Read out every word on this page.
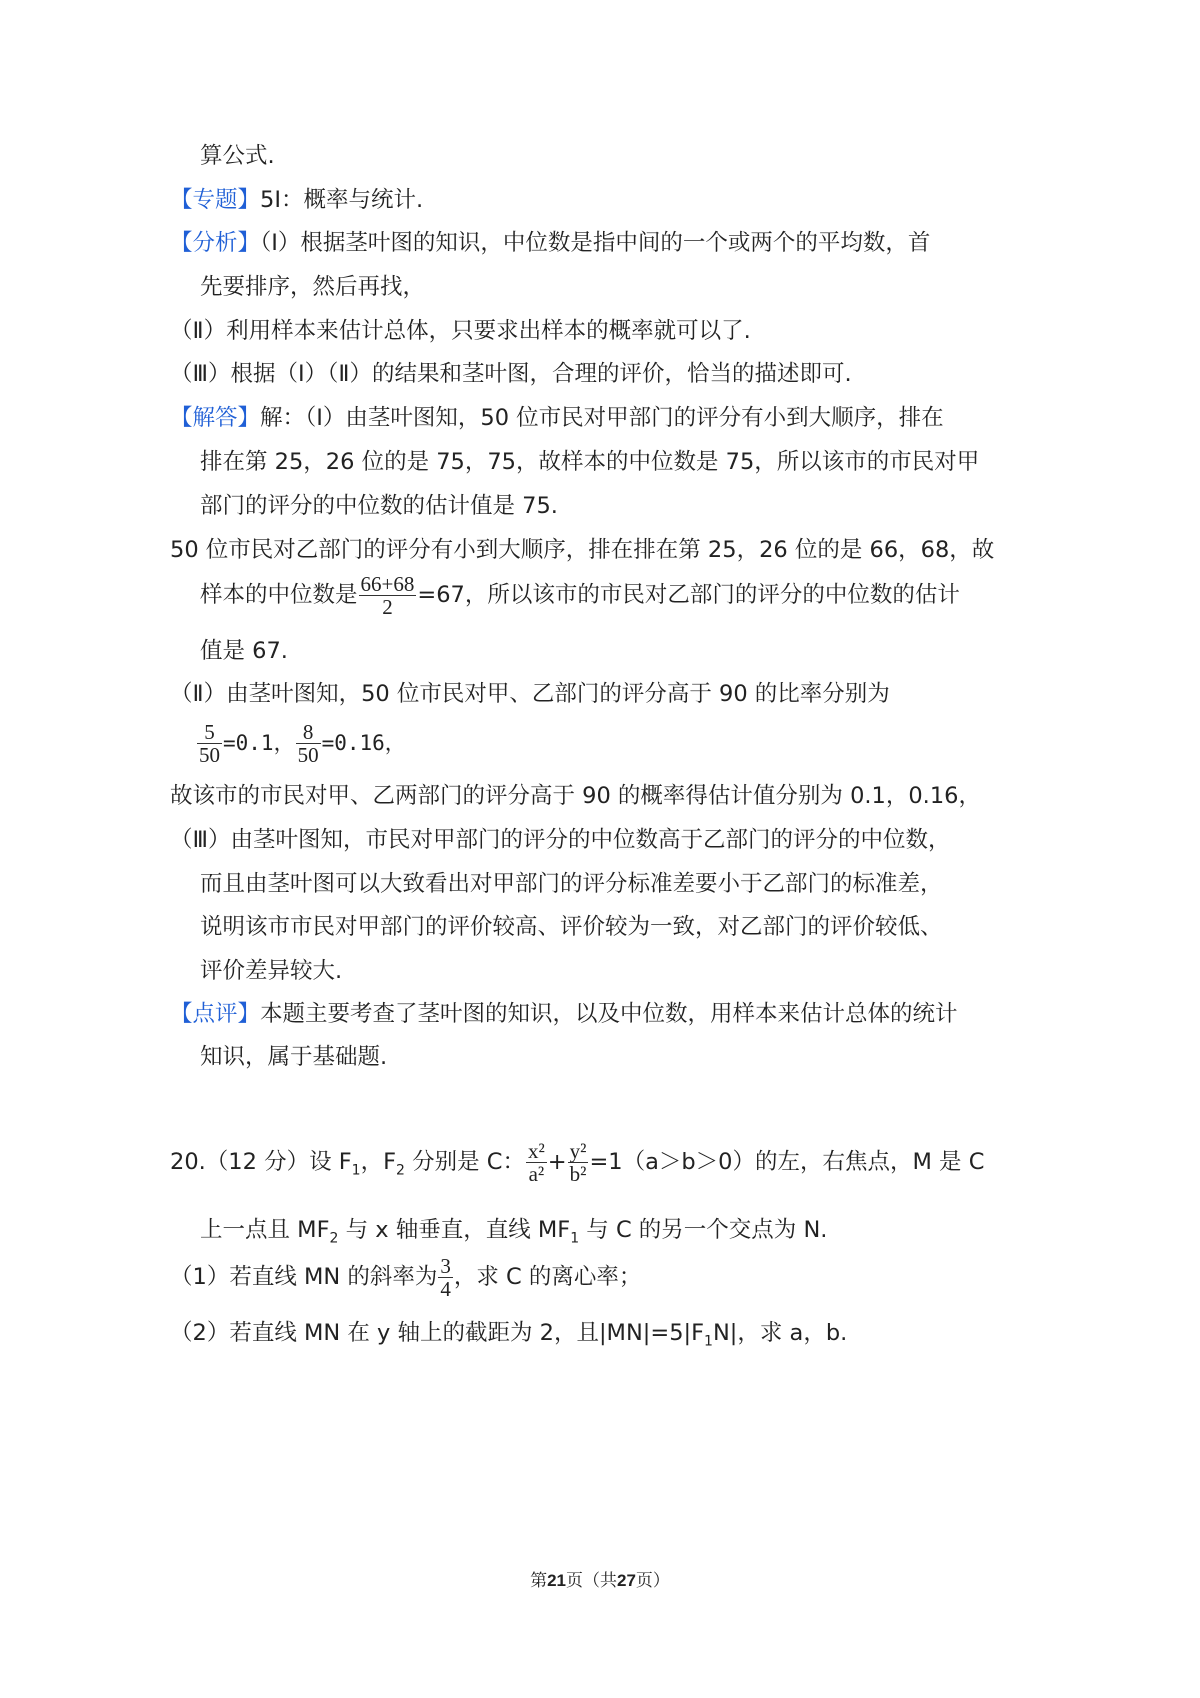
算公式.
【专题】5I：概率与统计.
【分析】（Ⅰ）根据茎叶图的知识，中位数是指中间的一个或两个的平均数，首
先要排序，然后再找，
（Ⅱ）利用样本来估计总体，只要求出样本的概率就可以了.
（Ⅲ）根据（Ⅰ）（Ⅱ）的结果和茎叶图，合理的评价，恰当的描述即可.
【解答】解：（Ⅰ）由茎叶图知，50 位市民对甲部门的评分有小到大顺序，排在
排在第 25，26 位的是 75，75，故样本的中位数是 75，所以该市的市民对甲
部门的评分的中位数的估计值是 75.
50 位市民对乙部门的评分有小到大顺序，排在排在第 25，26 位的是 66，68，故
样本的中位数是 $\frac{66+68}{2} =67$，所以该市的市民对乙部门的评分的中位数的估计
值是 67.
（Ⅱ）由茎叶图知，50 位市民对甲、乙部门的评分高于 90 的比率分别为
$\frac{5}{50} =0.1$， $\frac{8}{50} =0.16$，
故该市的市民对甲、乙两部门的评分高于 90 的概率得估计值分别为 0.1，0.16，
（Ⅲ）由茎叶图知，市民对甲部门的评分的中位数高于乙部门的评分的中位数，
而且由茎叶图可以大致看出对甲部门的评分标准差要小于乙部门的标准差，
说明该市市民对甲部门的评价较高、评价较为一致，对乙部门的评价较低、
评价差异较大.
【点评】本题主要考查了茎叶图的知识，以及中位数，用样本来估计总体的统计
知识，属于基础题.
20.（12 分）设 $F_1$，$F_2$ 分别是 C： $\frac{\text{x²}}{\text{a²}} + \frac{\text{y²}}{\text{b²}} =1(a>b>0)$的左，右焦点，M 是 C
上一点且 $MF_2$ 与 x 轴垂直，直线 $MF_1$ 与 C 的另一个交点为 N.
（1）若直线 MN 的斜率为 $\frac{3}{4}$ ，求 C 的离心率；
（2）若直线 MN 在 y 轴上的截距为 2，且$|MN|=5|F_1N|$，求 a，b.
第21页（共27页）
